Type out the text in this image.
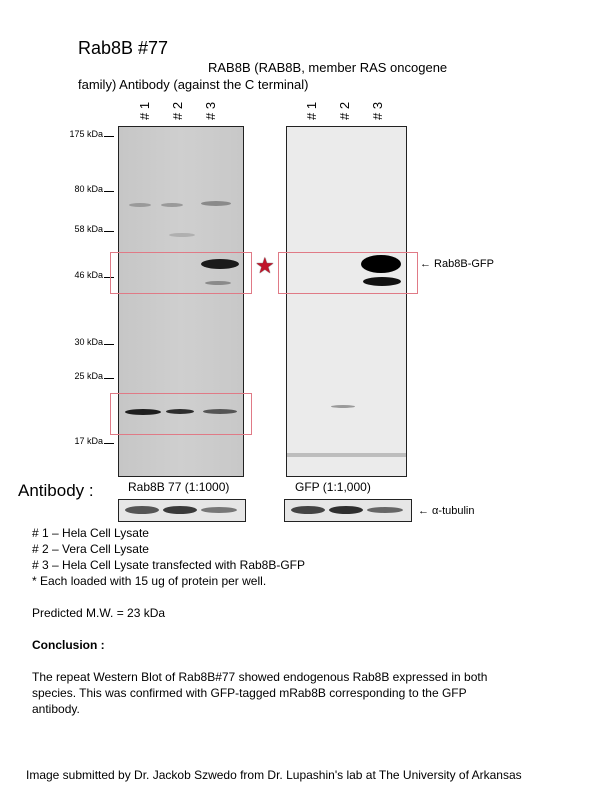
Rab8B #77
RAB8B (RAB8B, member RAS oncogene
family) Antibody (against the C terminal)
# 1 # 2 # 3	# 1 # 2 # 3
175 kDa
80 kDa
58 kDa
46 kDa
30 kDa
25 kDa
17 kDa
★	← Rab8B-GFP
Antibody :	Rab8B 77 (1:1000)	GFP (1:1,000)
← α-tubulin
# 1 – Hela Cell Lysate
# 2 – Vera Cell Lysate
# 3 – Hela Cell Lysate transfected with Rab8B-GFP
* Each loaded with 15 ug of protein per well.
Predicted M.W. = 23 kDa
Conclusion :
The repeat Western Blot of Rab8B#77 showed endogenous Rab8B expressed in both
species. This was confirmed with GFP-tagged mRab8B corresponding to the GFP
antibody.
Image submitted by Dr. Jackob Szwedo from Dr. Lupashin's lab at The University of Arkansas
